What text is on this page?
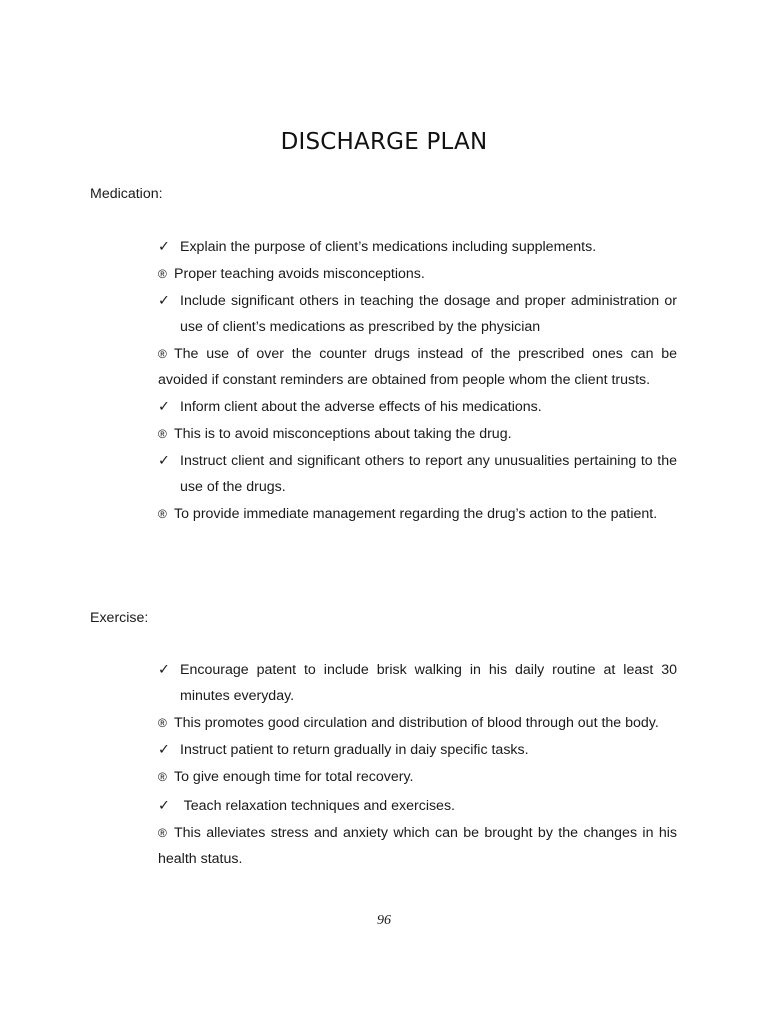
DISCHARGE PLAN

Medication:

✓ Explain the purpose of client’s medications including supplements.
® Proper teaching avoids misconceptions.
✓ Include significant others in teaching the dosage and proper administration or use of client’s medications as prescribed by the physician
® The use of over the counter drugs instead of the prescribed ones can be avoided if constant reminders are obtained from people whom the client trusts.
✓ Inform client about the adverse effects of his medications.
® This is to avoid misconceptions about taking the drug.
✓ Instruct client and significant others to report any unusualities pertaining to the use of the drugs.
® To provide immediate management regarding the drug’s action to the patient.

Exercise:

✓ Encourage patent to include brisk walking in his daily routine at least 30 minutes everyday.
® This promotes good circulation and distribution of blood through out the body.
✓ Instruct patient to return gradually in daiy specific tasks.
® To give enough time for total recovery.
✓ Teach relaxation techniques and exercises.
® This alleviates stress and anxiety which can be brought by the changes in his health status.
96
